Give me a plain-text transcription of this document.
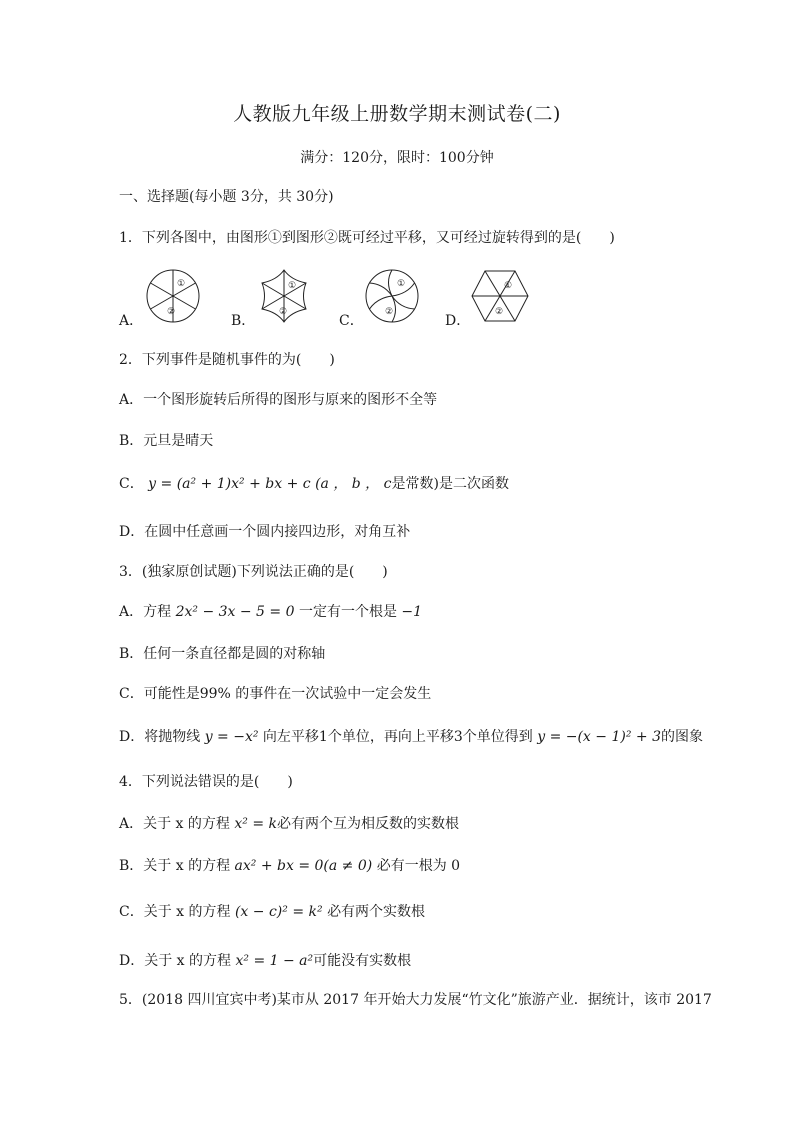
人教版九年级上册数学期末测试卷(二)
满分：120分，限时：100分钟
一、选择题(每小题 3分，共 30分)
1．下列各图中，由图形①到图形②既可经过平移，又可经过旋转得到的是(　　)
A．
①
②
B．
①
②
C．
①
②
D．
①
②
2．下列事件是随机事件的为(　　)
A．一个图形旋转后所得的图形与原来的图形不全等
B．元旦是晴天
C． y = (a² + 1)x² + bx + c (a ， b ， c是常数)是二次函数
D．在圆中任意画一个圆内接四边形，对角互补
3．(独家原创试题)下列说法正确的是(　　)
A．方程 2x² − 3x − 5 = 0 一定有一个根是 −1
B．任何一条直径都是圆的对称轴
C．可能性是99% 的事件在一次试验中一定会发生
D．将抛物线 y = −x² 向左平移1个单位，再向上平移3个单位得到 y = −(x − 1)² + 3的图象
4．下列说法错误的是(　　)
A．关于 x 的方程 x² = k必有两个互为相反数的实数根
B．关于 x 的方程 ax² + bx = 0(a ≠ 0) 必有一根为 0
C．关于 x 的方程 (x − c)² = k² 必有两个实数根
D．关于 x 的方程 x² = 1 − a²可能没有实数根
5．(2018 四川宜宾中考)某市从 2017 年开始大力发展“竹文化”旅游产业．据统计，该市 2017
